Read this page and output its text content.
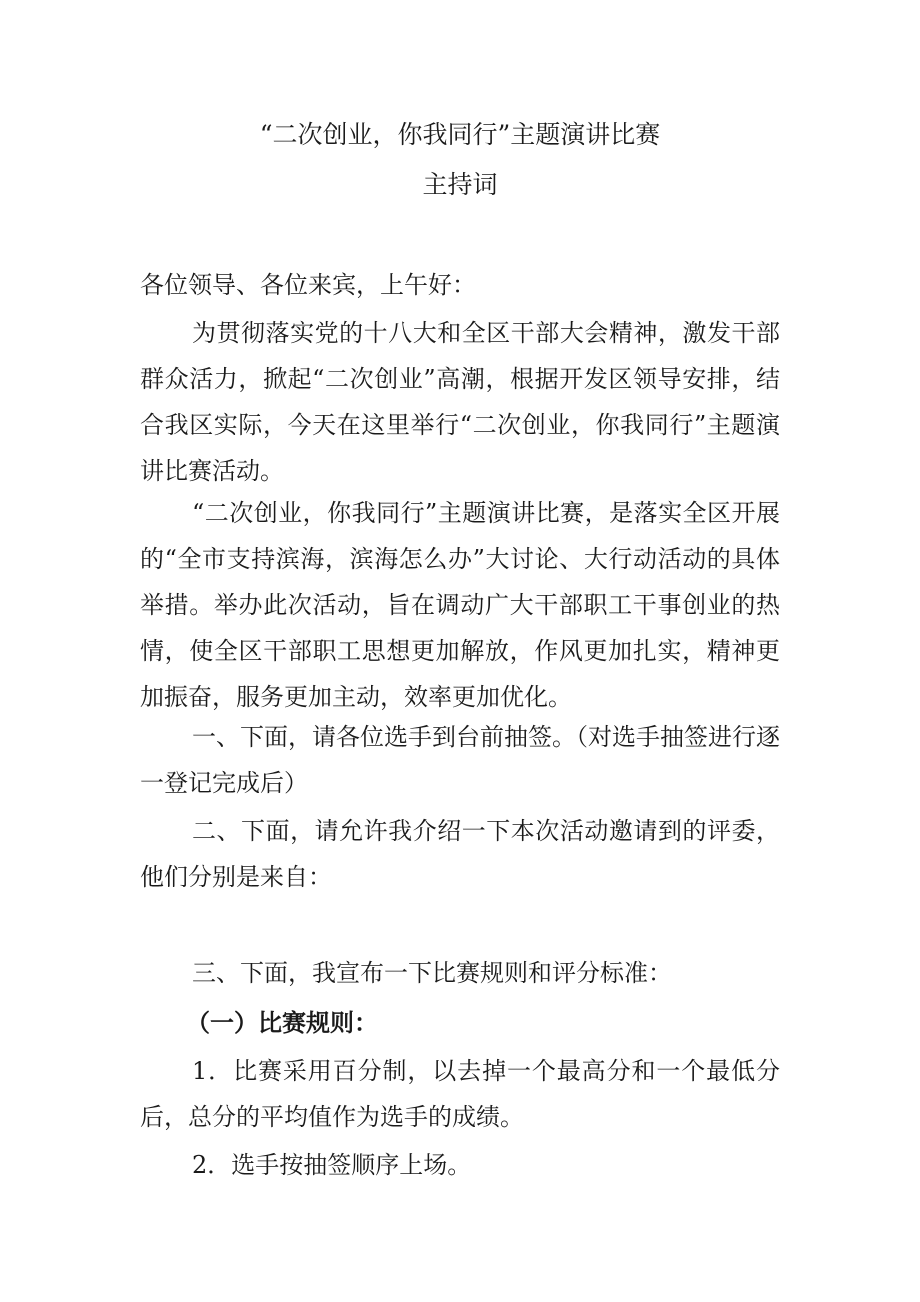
“二次创业，你我同行”主题演讲比赛
主持词

各位领导、各位来宾，上午好：

为贯彻落实党的十八大和全区干部大会精神，激发干部群众活力，掀起“二次创业”高潮，根据开发区领导安排，结合我区实际，今天在这里举行“二次创业，你我同行”主题演讲比赛活动。

“二次创业，你我同行”主题演讲比赛，是落实全区开展的“全市支持滨海，滨海怎么办”大讨论、大行动活动的具体举措。举办此次活动，旨在调动广大干部职工干事创业的热情，使全区干部职工思想更加解放，作风更加扎实，精神更加振奋，服务更加主动，效率更加优化。

一、下面，请各位选手到台前抽签。（对选手抽签进行逐一登记完成后）

二、下面，请允许我介绍一下本次活动邀请到的评委，他们分别是来自：

三、下面，我宣布一下比赛规则和评分标准：

（一）比赛规则：

1．比赛采用百分制，以去掉一个最高分和一个最低分后，总分的平均值作为选手的成绩。

2．选手按抽签顺序上场。
